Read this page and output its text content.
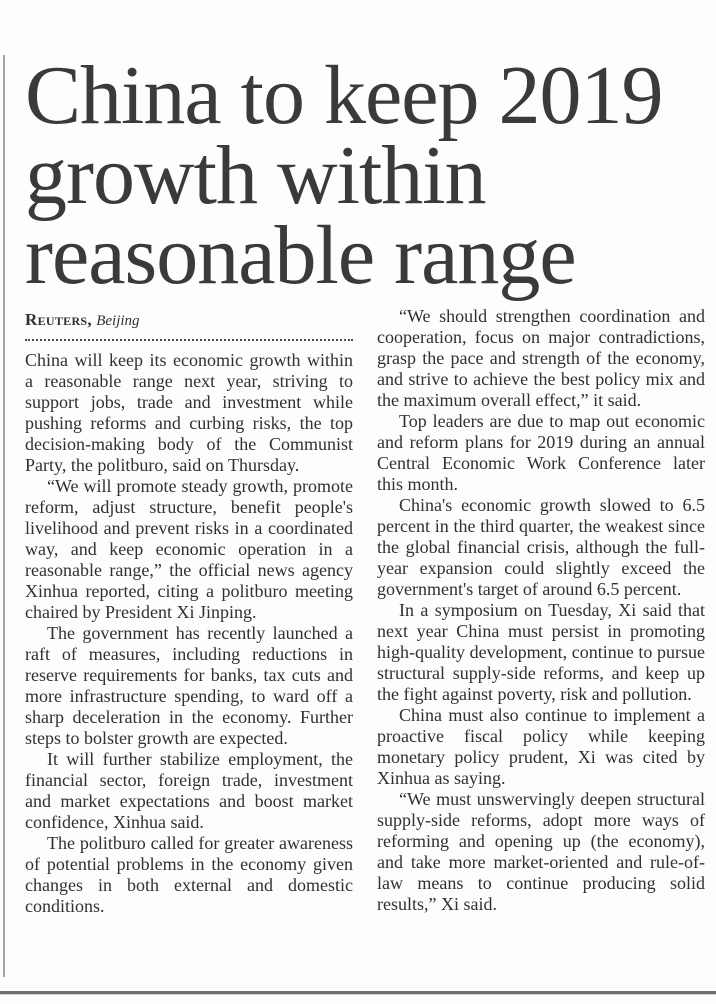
China to keep 2019 growth within reasonable range
Reuters, Beijing

China will keep its economic growth within a reasonable range next year, striving to support jobs, trade and investment while pushing reforms and curbing risks, the top decision-making body of the Communist Party, the politburo, said on Thursday.

“We will promote steady growth, promote reform, adjust structure, benefit people's livelihood and prevent risks in a coordinated way, and keep economic operation in a reasonable range,” the official news agency Xinhua reported, citing a politburo meeting chaired by President Xi Jinping.

The government has recently launched a raft of measures, including reductions in reserve requirements for banks, tax cuts and more infrastructure spending, to ward off a sharp deceleration in the economy. Further steps to bolster growth are expected.

It will further stabilize employment, the financial sector, foreign trade, investment and market expectations and boost market confidence, Xinhua said.

The politburo called for greater awareness of potential problems in the economy given changes in both external and domestic conditions.

“We should strengthen coordination and cooperation, focus on major contradictions, grasp the pace and strength of the economy, and strive to achieve the best policy mix and the maximum overall effect,” it said.

Top leaders are due to map out economic and reform plans for 2019 during an annual Central Economic Work Conference later this month.

China's economic growth slowed to 6.5 percent in the third quarter, the weakest since the global financial crisis, although the full-year expansion could slightly exceed the government's target of around 6.5 percent.

In a symposium on Tuesday, Xi said that next year China must persist in promoting high-quality development, continue to pursue structural supply-side reforms, and keep up the fight against poverty, risk and pollution.

China must also continue to implement a proactive fiscal policy while keeping monetary policy prudent, Xi was cited by Xinhua as saying.

“We must unswervingly deepen structural supply-side reforms, adopt more ways of reforming and opening up (the economy), and take more market-oriented and rule-of-law means to continue producing solid results,” Xi said.
